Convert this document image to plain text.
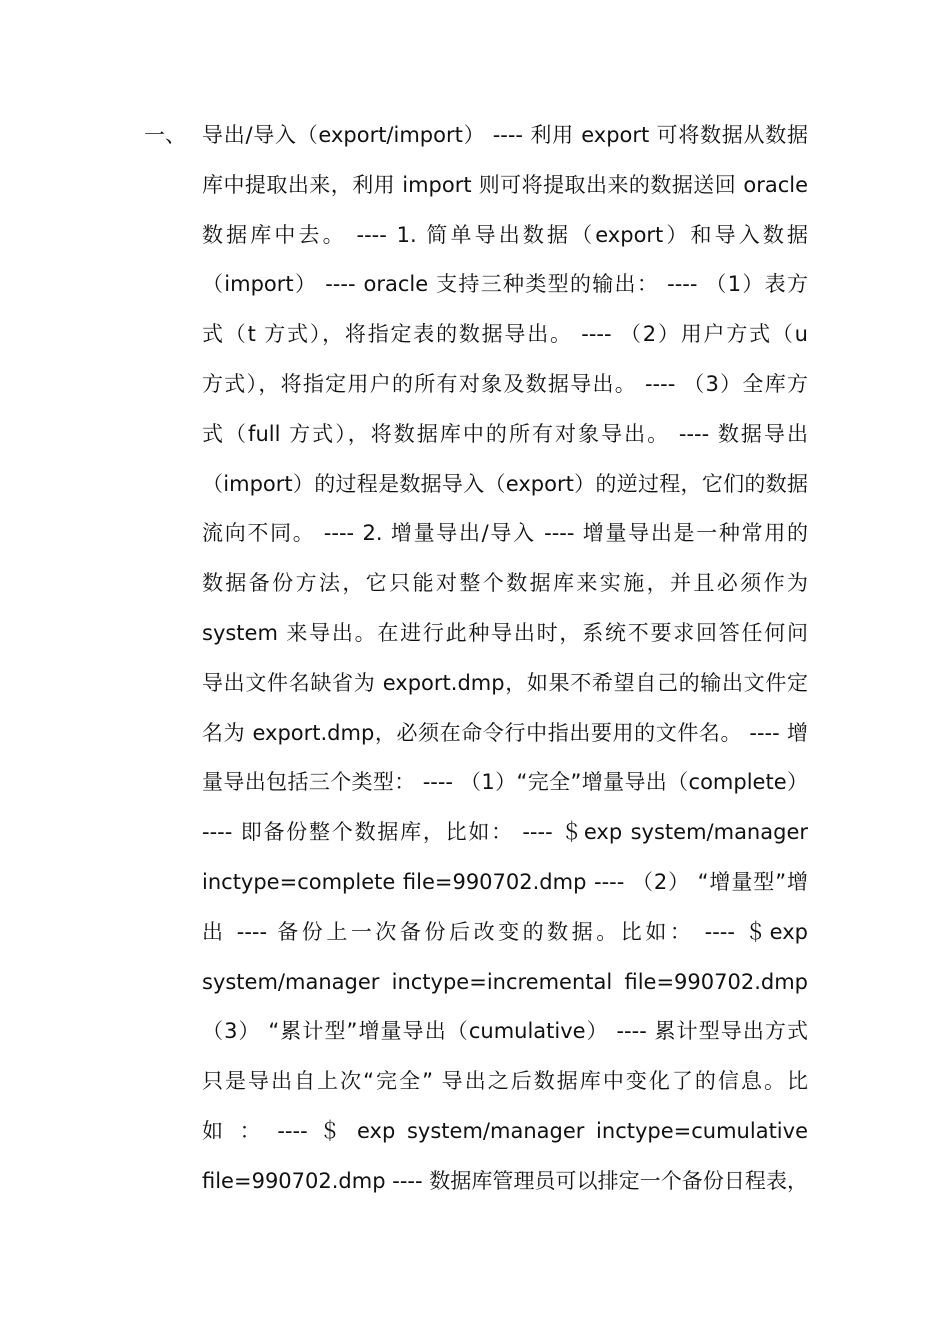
一、 导出/导入（export/import） ---- 利用 export 可将数据从数据
库中提取出来，利用 import 则可将提取出来的数据送回 oracle
数据库中去。 ---- 1. 简单导出数据（export）和导入数据
（import） ---- oracle 支持三种类型的输出： ---- （1）表方
式（t 方式），将指定表的数据导出。 ---- （2）用户方式（u
方式），将指定用户的所有对象及数据导出。 ---- （3）全库方
式（full 方式），将数据库中的所有对象导出。 ---- 数据导出
（import）的过程是数据导入（export）的逆过程，它们的数据
流向不同。 ---- 2. 增量导出/导入 ---- 增量导出是一种常用的
数据备份方法，它只能对整个数据库来实施，并且必须作为
system 来导出。在进行此种导出时，系统不要求回答任何问
导出文件名缺省为 export.dmp，如果不希望自己的输出文件定
名为 export.dmp，必须在命令行中指出要用的文件名。 ---- 增
量导出包括三个类型： ---- （1）“完全”增量导出（complete）
---- 即备份整个数据库，比如： ---- ＄exp system/manager
inctype=complete file=990702.dmp ---- （2） “增量型”增
出 ---- 备份上一次备份后改变的数据。比如： ---- ＄exp
system/manager inctype=incremental file=990702.dmp
（3） “累计型”增量导出（cumulative） ---- 累计型导出方式
只是导出自上次“完全” 导出之后数据库中变化了的信息。比
如 ： ---- ＄ exp system/manager inctype=cumulative
file=990702.dmp ---- 数据库管理员可以排定一个备份日程表，
